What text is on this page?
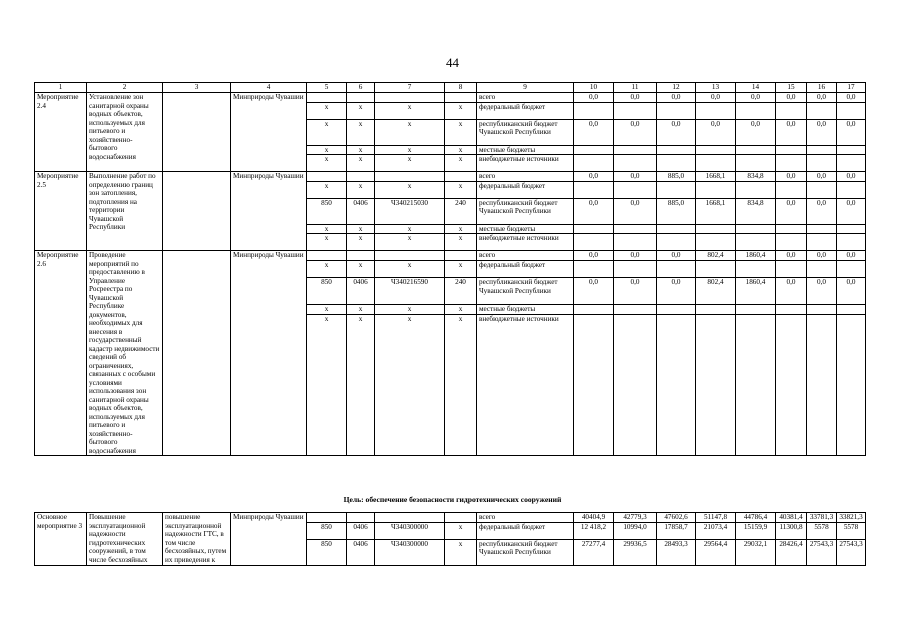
44
1	2	3	4	5	6	7	8	9	10	11	12	13	14	15	16	17
Мероприятие 2.4	Установление зон санитарной охраны водных объектов, используемых для питьевого и хозяйственно-бытового водоснабжения		Минприроды Чувашии					всего	0,0	0,0	0,0	0,0	0,0	0,0	0,0	0,0
				x	x	x	x	федеральный бюджет								
				x	x	x	x	республиканский бюджет Чувашской Республики	0,0	0,0	0,0	0,0	0,0	0,0	0,0	0,0
				x	x	x	x	местные бюджеты								
				x	x	x	x	внебюджетные источники								
Мероприятие 2.5	Выполнение работ по определению границ зон затопления, подтопления на территории Чувашской Республики		Минприроды Чувашии					всего	0,0	0,0	885,0	1668,1	834,8	0,0	0,0	0,0
				x	x	x	x	федеральный бюджет								
				850	0406	Ч340215030	240	республиканский бюджет Чувашской Республики	0,0	0,0	885,0	1668,1	834,8	0,0	0,0	0,0
				x	x	x	x	местные бюджеты								
				x	x	x	x	внебюджетные источники								
Мероприятие 2.6	Проведение мероприятий по предоставлению в Управление Росреестра по Чувашской Республике документов, необходимых для внесения в государственный кадастр недвижимости сведений об ограничениях, связанных с особыми условиями использования зон санитарной охраны водных объектов, используемых для питьевого и хозяйственно-бытового водоснабжения		Минприроды Чувашии					всего	0,0	0,0	0,0	802,4	1860,4	0,0	0,0	0,0
				x	x	x	x	федеральный бюджет								
				850	0406	Ч340216590	240	республиканский бюджет Чувашской Республики	0,0	0,0	0,0	802,4	1860,4	0,0	0,0	0,0
				x	x	x	x	местные бюджеты								
				x	x	x	x	внебюджетные источники								
Цель: обеспечение безопасности гидротехнических сооружений
Основное мероприятие 3	Повышение эксплуатационной надежности гидротехнических сооружений, в том числе бесхозяйных	повышение эксплуатационной надежности ГТС, в том числе бесхозяйных, путем их приведения к	Минприроды Чувашии					всего	40404,9	42779,3	47602,6	51147,8	44786,4	40381,4	33781,3	33821,3
				850	0406	Ч340300000	x	федеральный бюджет	12 418,2	10994,0	17858,7	21073,4	15159,9	11300,8	5578	5578
				850	0406	Ч340300000	x	республиканский бюджет Чувашской Республики	27277,4	29936,5	28493,3	29564,4	29032,1	28426,4	27543,3	27543,3
